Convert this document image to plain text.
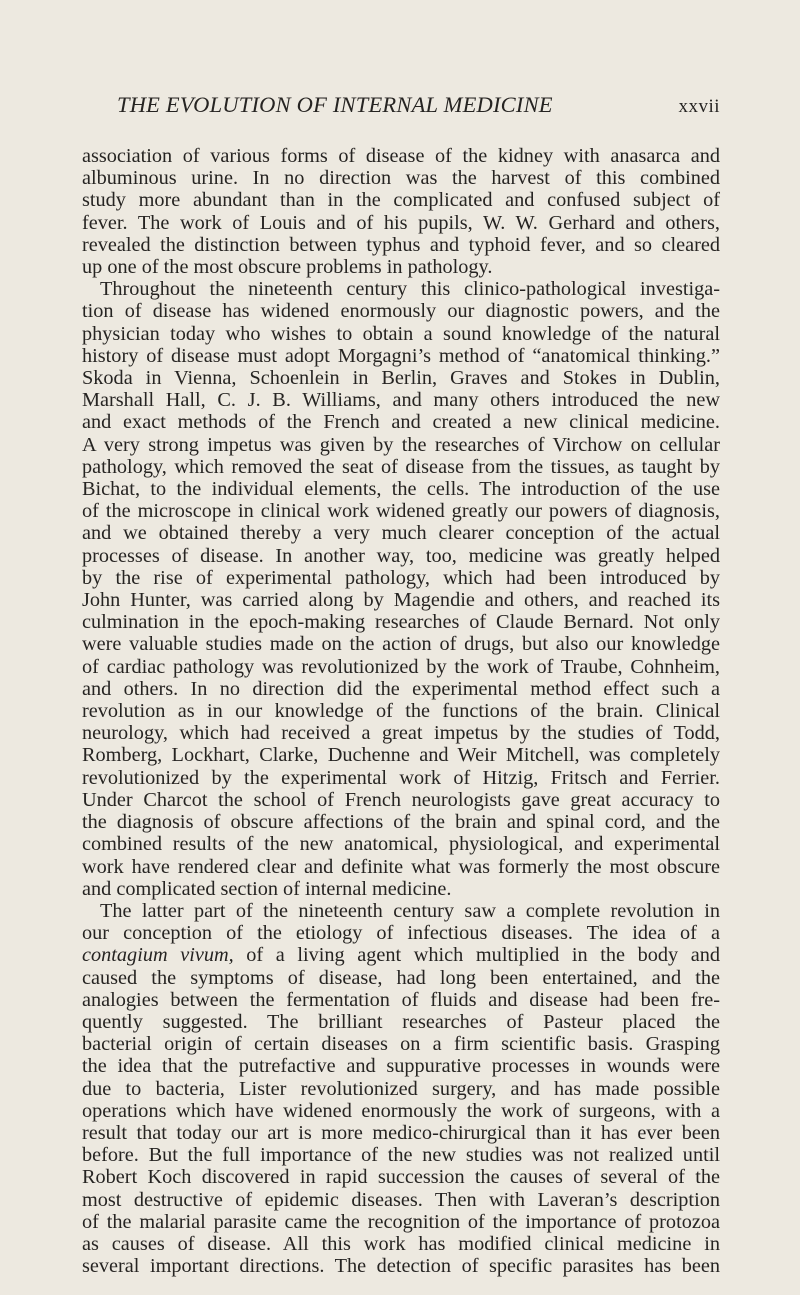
THE EVOLUTION OF INTERNAL MEDICINE	xxvii
association of various forms of disease of the kidney with anasarca and
albuminous urine. In no direction was the harvest of this combined
study more abundant than in the complicated and confused subject of
fever. The work of Louis and of his pupils, W. W. Gerhard and others,
revealed the distinction between typhus and typhoid fever, and so cleared
up one of the most obscure problems in pathology.
Throughout the nineteenth century this clinico-pathological investiga-
tion of disease has widened enormously our diagnostic powers, and the
physician today who wishes to obtain a sound knowledge of the natural
history of disease must adopt Morgagni’s method of “anatomical thinking.”
Skoda in Vienna, Schoenlein in Berlin, Graves and Stokes in Dublin,
Marshall Hall, C. J. B. Williams, and many others introduced the new
and exact methods of the French and created a new clinical medicine.
A very strong impetus was given by the researches of Virchow on cellular
pathology, which removed the seat of disease from the tissues, as taught by
Bichat, to the individual elements, the cells. The introduction of the use
of the microscope in clinical work widened greatly our powers of diagnosis,
and we obtained thereby a very much clearer conception of the actual
processes of disease. In another way, too, medicine was greatly helped
by the rise of experimental pathology, which had been introduced by
John Hunter, was carried along by Magendie and others, and reached its
culmination in the epoch-making researches of Claude Bernard. Not only
were valuable studies made on the action of drugs, but also our knowledge
of cardiac pathology was revolutionized by the work of Traube, Cohnheim,
and others. In no direction did the experimental method effect such a
revolution as in our knowledge of the functions of the brain. Clinical
neurology, which had received a great impetus by the studies of Todd,
Romberg, Lockhart, Clarke, Duchenne and Weir Mitchell, was completely
revolutionized by the experimental work of Hitzig, Fritsch and Ferrier.
Under Charcot the school of French neurologists gave great accuracy to
the diagnosis of obscure affections of the brain and spinal cord, and the
combined results of the new anatomical, physiological, and experimental
work have rendered clear and definite what was formerly the most obscure
and complicated section of internal medicine.
The latter part of the nineteenth century saw a complete revolution in
our conception of the etiology of infectious diseases. The idea of a
contagium vivum, of a living agent which multiplied in the body and
caused the symptoms of disease, had long been entertained, and the
analogies between the fermentation of fluids and disease had been fre-
quently suggested. The brilliant researches of Pasteur placed the
bacterial origin of certain diseases on a firm scientific basis. Grasping
the idea that the putrefactive and suppurative processes in wounds were
due to bacteria, Lister revolutionized surgery, and has made possible
operations which have widened enormously the work of surgeons, with a
result that today our art is more medico-chirurgical than it has ever been
before. But the full importance of the new studies was not realized until
Robert Koch discovered in rapid succession the causes of several of the
most destructive of epidemic diseases. Then with Laveran’s description
of the malarial parasite came the recognition of the importance of protozoa
as causes of disease. All this work has modified clinical medicine in
several important directions. The detection of specific parasites has been
